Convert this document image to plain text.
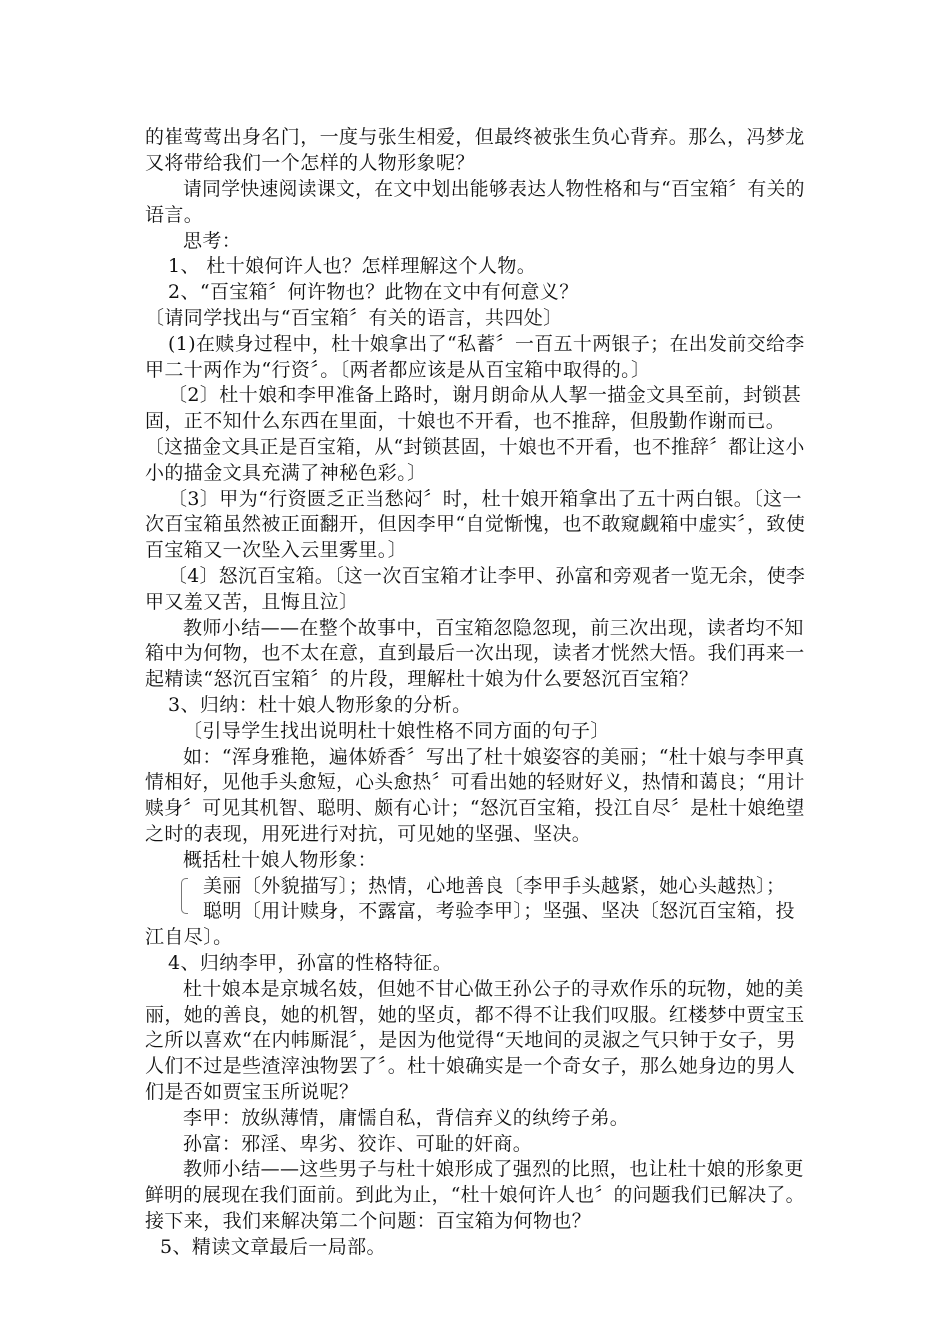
的崔莺莺出身名门，一度与张生相爱，但最终被张生负心背弃。那么，冯梦龙
又将带给我们一个怎样的人物形象呢？
请同学快速阅读课文，在文中划出能够表达人物性格和与“百宝箱〞有关的
语言。
思考：
1、 杜十娘何许人也？怎样理解这个人物。
2、“百宝箱〞何许物也？此物在文中有何意义？
〔请同学找出与“百宝箱〞有关的语言，共四处〕
(1)在赎身过程中，杜十娘拿出了“私蓄〞一百五十两银子；在出发前交给李
甲二十两作为“行资〞。〔两者都应该是从百宝箱中取得的。〕
〔2〕杜十娘和李甲准备上路时，谢月朗命从人挈一描金文具至前，封锁甚
固，正不知什么东西在里面，十娘也不开看，也不推辞，但殷勤作谢而已。
〔这描金文具正是百宝箱，从“封锁甚固，十娘也不开看，也不推辞〞都让这小
小的描金文具充满了神秘色彩。〕
〔3〕甲为“行资匮乏正当愁闷〞时，杜十娘开箱拿出了五十两白银。〔这一
次百宝箱虽然被正面翻开，但因李甲“自觉惭愧，也不敢窥觑箱中虚实〞，致使
百宝箱又一次坠入云里雾里。〕
〔4〕怒沉百宝箱。〔这一次百宝箱才让李甲、孙富和旁观者一览无余，使李
甲又羞又苦，且悔且泣〕
教师小结——在整个故事中，百宝箱忽隐忽现，前三次出现，读者均不知
箱中为何物，也不太在意，直到最后一次出现，读者才恍然大悟。我们再来一
起精读“怒沉百宝箱〞的片段，理解杜十娘为什么要怒沉百宝箱？
3、归纳：杜十娘人物形象的分析。
〔引导学生找出说明杜十娘性格不同方面的句子〕
如：“浑身雅艳，遍体娇香〞写出了杜十娘姿容的美丽；“杜十娘与李甲真
情相好，见他手头愈短，心头愈热〞可看出她的轻财好义，热情和蔼良；“用计
赎身〞可见其机智、聪明、颇有心计；“怒沉百宝箱，投江自尽〞是杜十娘绝望
之时的表现，用死进行对抗，可见她的坚强、坚决。
概括杜十娘人物形象：
美丽〔外貌描写〕；热情，心地善良〔李甲手头越紧，她心头越热〕；
聪明〔用计赎身，不露富，考验李甲〕；坚强、坚决〔怒沉百宝箱，投
江自尽〕。
4、归纳李甲，孙富的性格特征。
杜十娘本是京城名妓，但她不甘心做王孙公子的寻欢作乐的玩物，她的美
丽，她的善良，她的机智，她的坚贞，都不得不让我们叹服。红楼梦中贾宝玉
之所以喜欢“在内帏厮混〞，是因为他觉得“天地间的灵淑之气只钟于女子，男
人们不过是些渣滓浊物罢了〞。杜十娘确实是一个奇女子，那么她身边的男人
们是否如贾宝玉所说呢？
李甲：放纵薄情，庸懦自私，背信弃义的纨绔子弟。
孙富：邪淫、卑劣、狡诈、可耻的奸商。
教师小结——这些男子与杜十娘形成了强烈的比照，也让杜十娘的形象更
鲜明的展现在我们面前。到此为止，“杜十娘何许人也〞的问题我们已解决了。
接下来，我们来解决第二个问题：百宝箱为何物也？
5、精读文章最后一局部。
